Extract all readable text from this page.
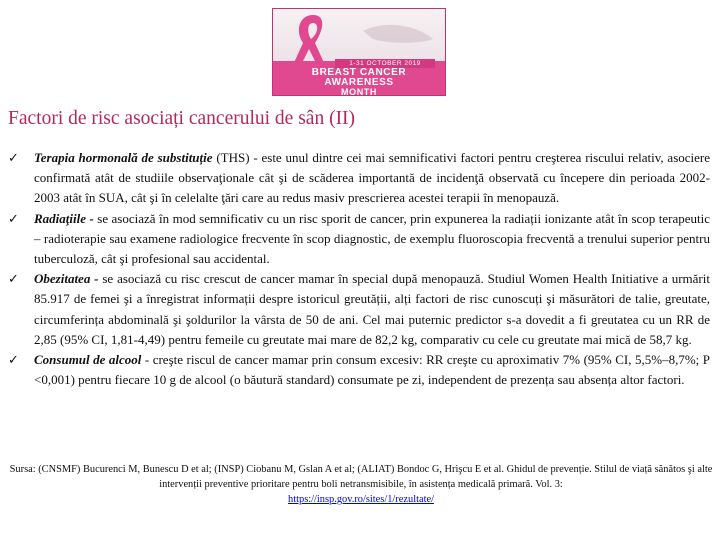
1-31 OCTOBER 2019
BREAST CANCER
AWARENESS
MONTH
Factori de risc asociați cancerului de sân (II)
✓ Terapia hormonală de substituție (THS) - este unul dintre cei mai semnificativi factori pentru creşterea riscului relativ, asociere confirmată atât de studiile observaţionale cât şi de scăderea importantă de incidenţă observată cu începere din perioada 2002-2003 atât în SUA, cât şi în celelalte ţări care au redus masiv prescrierea acestei terapii în menopauză.
✓ Radiaţiile - se asociază în mod semnificativ cu un risc sporit de cancer, prin expunerea la radiații ionizante atât în scop terapeutic – radioterapie sau examene radiologice frecvente în scop diagnostic, de exemplu fluoroscopia frecventă a trenului superior pentru tuberculoză, cât şi profesional sau accidental.
✓ Obezitatea - se asociază cu risc crescut de cancer mamar în special după menopauză. Studiul Women Health Initiative a urmărit 85.917 de femei şi a înregistrat informații despre istoricul greutății, alți factori de risc cunoscuți şi măsurători de talie, greutate, circumferința abdominală şi şoldurilor la vârsta de 50 de ani. Cel mai puternic predictor s-a dovedit a fi greutatea cu un RR de 2,85 (95% CI, 1,81-4,49) pentru femeile cu greutate mai mare de 82,2 kg, comparativ cu cele cu greutate mai mică de 58,7 kg.
✓ Consumul de alcool - creşte riscul de cancer mamar prin consum excesiv: RR creşte cu aproximativ 7% (95% CI, 5,5%–8,7%; P <0,001) pentru fiecare 10 g de alcool (o băutură standard) consumate pe zi, independent de prezența sau absența altor factori.
Sursa: (CNSMF) Bucurenci M, Bunescu D et al; (INSP) Ciobanu M, Gslan A et al; (ALIAT) Bondoc G, Hrişcu E et al. Ghidul de prevenție. Stilul de viață sănătos şi alte intervenții preventive prioritare pentru boli netransmisibile, în asistența medicală primară. Vol. 3:
https://insp.gov.ro/sites/1/rezultate/
